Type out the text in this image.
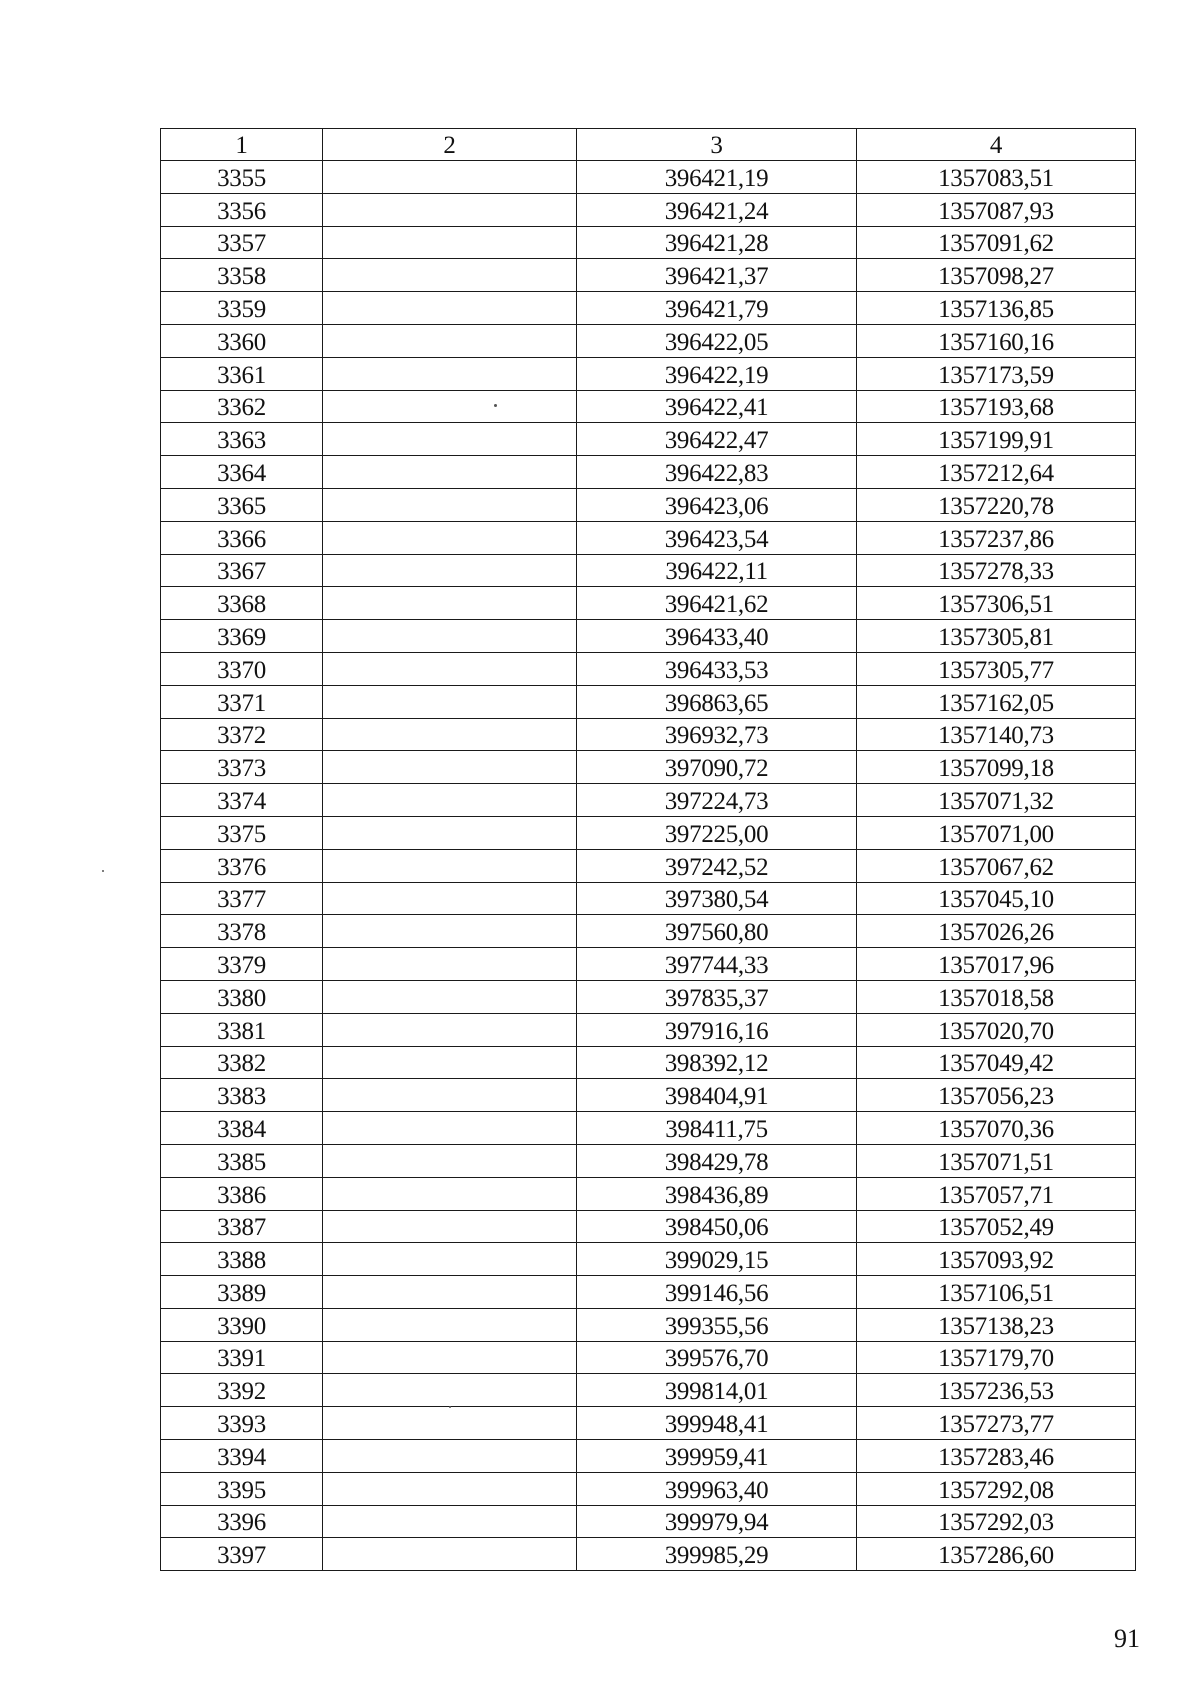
1	2	3	4
3355		396421,19	1357083,51
3356		396421,24	1357087,93
3357		396421,28	1357091,62
3358		396421,37	1357098,27
3359		396421,79	1357136,85
3360		396422,05	1357160,16
3361		396422,19	1357173,59
3362		396422,41	1357193,68
3363		396422,47	1357199,91
3364		396422,83	1357212,64
3365		396423,06	1357220,78
3366		396423,54	1357237,86
3367		396422,11	1357278,33
3368		396421,62	1357306,51
3369		396433,40	1357305,81
3370		396433,53	1357305,77
3371		396863,65	1357162,05
3372		396932,73	1357140,73
3373		397090,72	1357099,18
3374		397224,73	1357071,32
3375		397225,00	1357071,00
3376		397242,52	1357067,62
3377		397380,54	1357045,10
3378		397560,80	1357026,26
3379		397744,33	1357017,96
3380		397835,37	1357018,58
3381		397916,16	1357020,70
3382		398392,12	1357049,42
3383		398404,91	1357056,23
3384		398411,75	1357070,36
3385		398429,78	1357071,51
3386		398436,89	1357057,71
3387		398450,06	1357052,49
3388		399029,15	1357093,92
3389		399146,56	1357106,51
3390		399355,56	1357138,23
3391		399576,70	1357179,70
3392		399814,01	1357236,53
3393		399948,41	1357273,77
3394		399959,41	1357283,46
3395		399963,40	1357292,08
3396		399979,94	1357292,03
3397		399985,29	1357286,60
91
